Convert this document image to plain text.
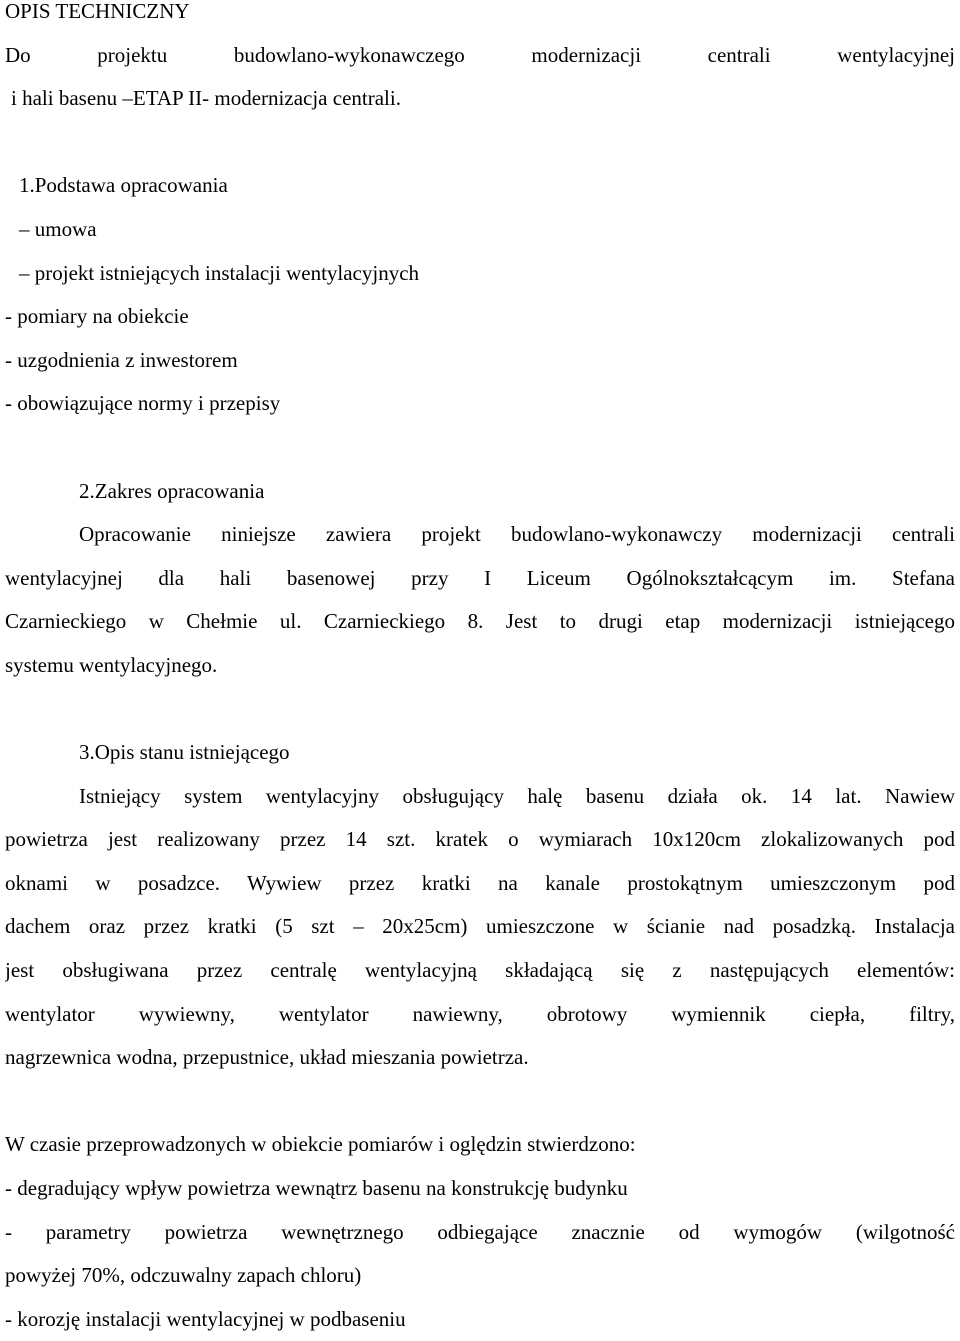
OPIS TECHNICZNY
Do projektu budowlano-wykonawczego modernizacji centrali wentylacyjnej
i hali basenu –ETAP II- modernizacja centrali.
1.Podstawa opracowania
– umowa
– projekt istniejących instalacji wentylacyjnych
- pomiary na obiekcie
- uzgodnienia z inwestorem
- obowiązujące normy i przepisy
2.Zakres opracowania
Opracowanie niniejsze zawiera projekt budowlano-wykonawczy modernizacji centrali
wentylacyjnej dla hali basenowej przy I Liceum Ogólnokształcącym im. Stefana
Czarnieckiego w Chełmie ul. Czarnieckiego 8. Jest to drugi etap modernizacji istniejącego
systemu wentylacyjnego.
3.Opis stanu istniejącego
Istniejący system wentylacyjny obsługujący halę basenu działa ok. 14 lat. Nawiew
powietrza jest realizowany przez 14 szt. kratek o wymiarach 10x120cm zlokalizowanych pod
oknami w posadzce. Wywiew przez kratki na kanale prostokątnym umieszczonym pod
dachem oraz przez kratki (5 szt – 20x25cm) umieszczone w ścianie nad posadzką. Instalacja
jest obsługiwana przez centralę wentylacyjną składającą się z następujących elementów:
wentylator wywiewny, wentylator nawiewny, obrotowy wymiennik ciepła, filtry,
nagrzewnica wodna, przepustnice, układ mieszania powietrza.
W czasie przeprowadzonych w obiekcie pomiarów i oględzin stwierdzono:
- degradujący wpływ powietrza wewnątrz basenu na konstrukcję budynku
- parametry powietrza wewnętrznego odbiegające znacznie od wymogów (wilgotność
powyżej 70%, odczuwalny zapach chloru)
- korozję instalacji wentylacyjnej w podbaseniu
